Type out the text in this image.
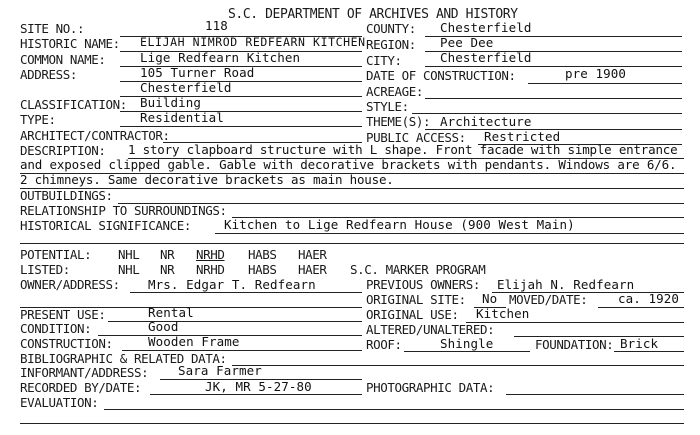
S.C. DEPARTMENT OF ARCHIVES AND HISTORY
SITE NO.:	118
HISTORIC NAME: ELIJAH NIMROD REDFEARN KITCHEN
COMMON NAME:	Lige Redfearn Kitchen
ADDRESS:	105 Turner Road
Chesterfield
CLASSIFICATION: Building
TYPE:	Residential
ARCHITECT/CONTRACTOR:
COUNTY: Chesterfield
REGION: Pee Dee
CITY:	Chesterfield
DATE OF CONSTRUCTION:	pre 1900
ACREAGE:
STYLE:
THEME(S): Architecture
PUBLIC ACCESS: Restricted
DESCRIPTION: 1 story clapboard structure with L shape. Front facade with simple entrance
and exposed clipped gable. Gable with decorative brackets with pendants. Windows are 6/6.
2 chimneys. Same decorative brackets as main house.
OUTBUILDINGS:
RELATIONSHIP TO SURROUNDINGS:
HISTORICAL SIGNIFICANCE:	Kitchen to Lige Redfearn House (900 West Main)
POTENTIAL: NHL NR NRHD HABS HAER
LISTED:	NHL NR NRHD HABS HAER S.C. MARKER PROGRAM
OWNER/ADDRESS: Mrs. Edgar T. Redfearn	PREVIOUS OWNERS: Elijah N. Redfearn
ORIGINAL SITE: No MOVED/DATE: ca. 1920
PRESENT USE:	Rental	ORIGINAL USE: Kitchen
CONDITION:	Good	ALTERED/UNALTERED:
CONSTRUCTION:	Wooden Frame	ROOF:	Shingle	FOUNDATION: Brick
BIBLIOGRAPHIC & RELATED DATA:
INFORMANT/ADDRESS: Sara Farmer
RECORDED BY/DATE:	JK, MR 5-27-80	PHOTOGRAPHIC DATA:
EVALUATION:
